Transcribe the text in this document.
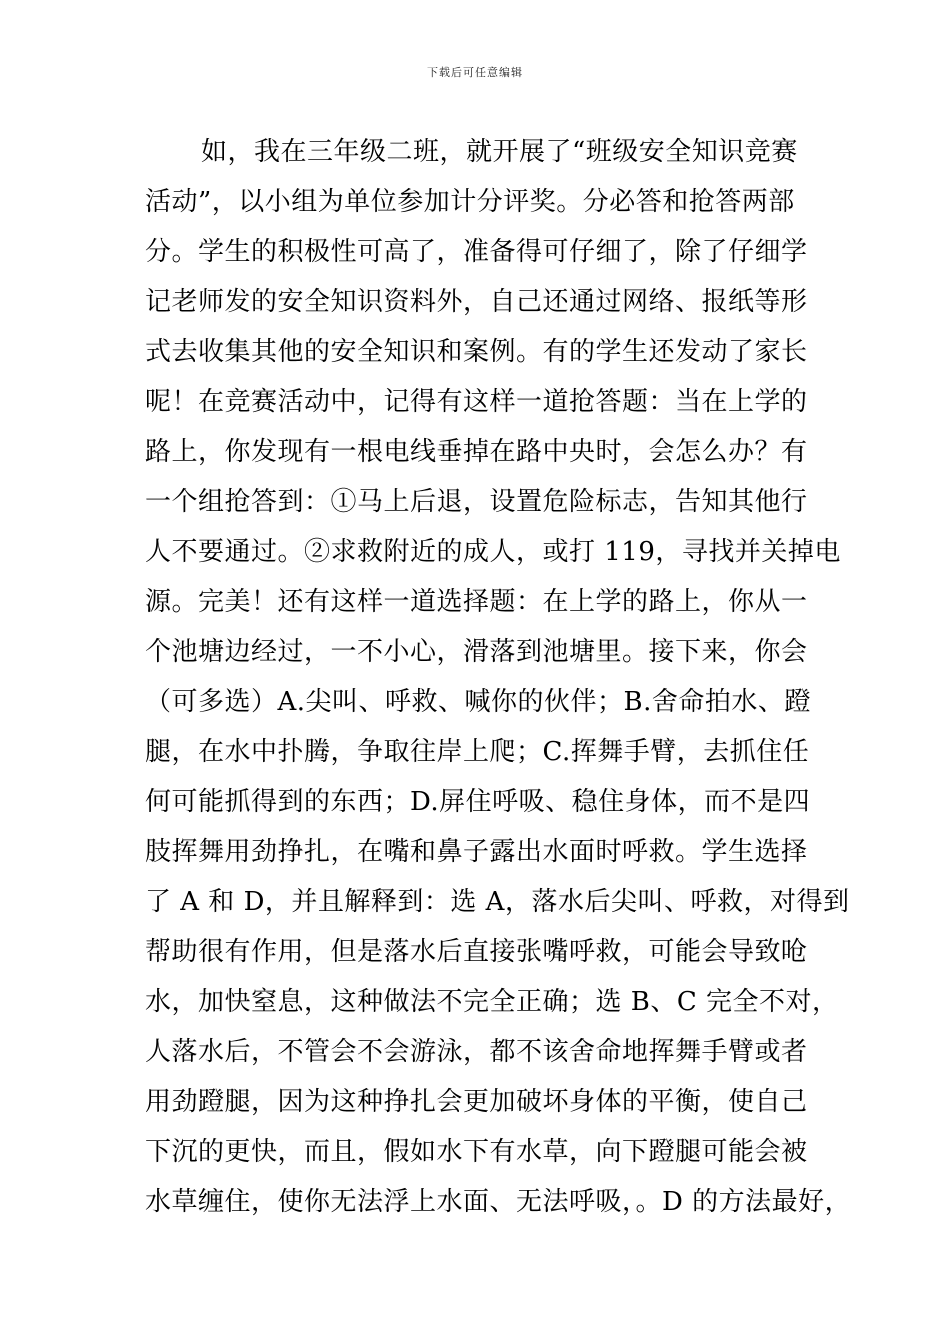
下载后可任意编辑
如，我在三年级二班，就开展了“班级安全知识竞赛
活动”，以小组为单位参加计分评奖。分必答和抢答两部
分。学生的积极性可高了，准备得可仔细了，除了仔细学
记老师发的安全知识资料外，自己还通过网络、报纸等形
式去收集其他的安全知识和案例。有的学生还发动了家长
呢！在竞赛活动中，记得有这样一道抢答题：当在上学的
路上，你发现有一根电线垂掉在路中央时，会怎么办？有
一个组抢答到：①马上后退，设置危险标志，告知其他行
人不要通过。②求救附近的成人，或打 119，寻找并关掉电
源。完美！还有这样一道选择题：在上学的路上，你从一
个池塘边经过，一不小心，滑落到池塘里。接下来，你会
（可多选）A.尖叫、呼救、喊你的伙伴；B.舍命拍水、蹬
腿，在水中扑腾，争取往岸上爬；C.挥舞手臂，去抓住任
何可能抓得到的东西；D.屏住呼吸、稳住身体，而不是四
肢挥舞用劲挣扎，在嘴和鼻子露出水面时呼救。学生选择
了 A 和 D，并且解释到：选 A，落水后尖叫、呼救，对得到
帮助很有作用，但是落水后直接张嘴呼救，可能会导致呛
水，加快窒息，这种做法不完全正确；选 B、C 完全不对，
人落水后，不管会不会游泳，都不该舍命地挥舞手臂或者
用劲蹬腿，因为这种挣扎会更加破坏身体的平衡，使自己
下沉的更快，而且，假如水下有水草，向下蹬腿可能会被
水草缠住，使你无法浮上水面、无法呼吸，。D 的方法最好，
